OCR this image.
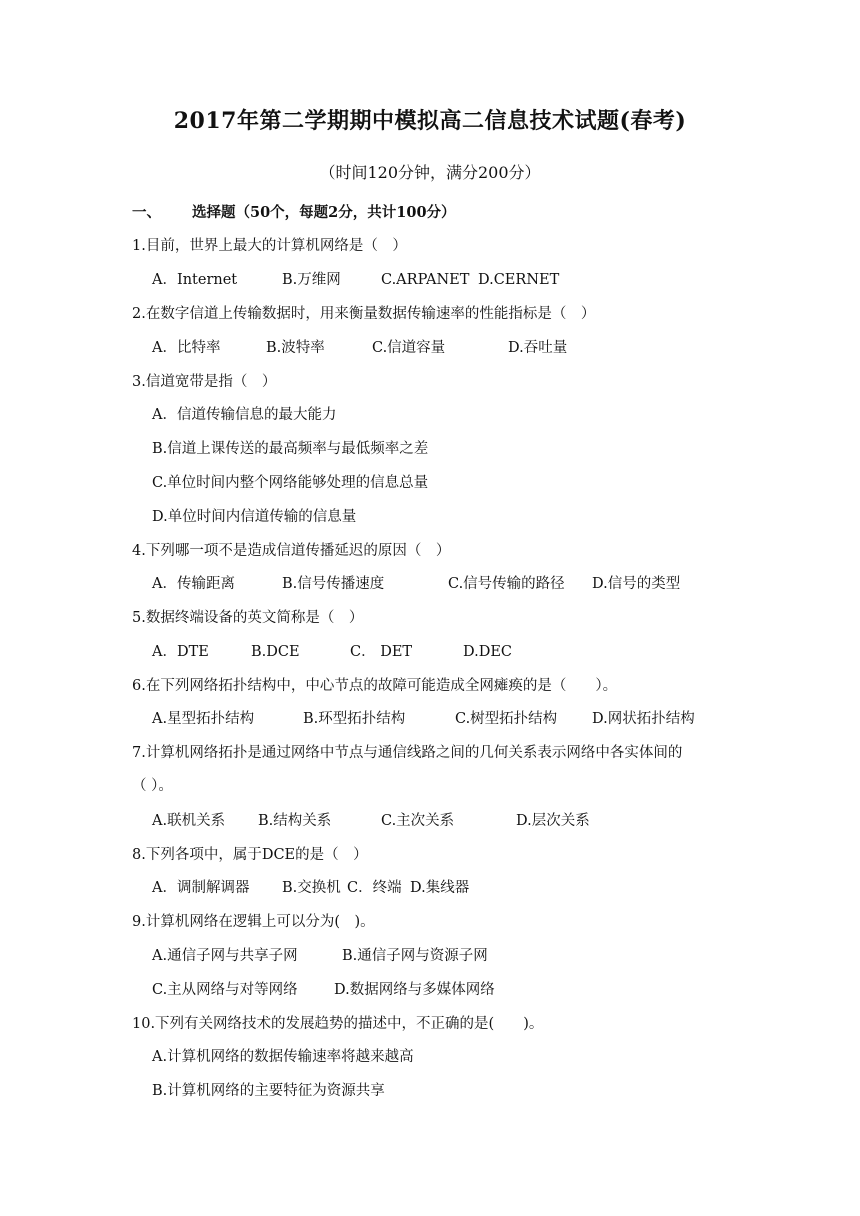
2017年第二学期期中模拟高二信息技术试题(春考)
（时间120分钟，满分200分）
一、 选择题（50个，每题2分，共计100分）
1.目前，世界上最大的计算机网络是（　）
A．Internet	B.万维网	C.ARPANET D.CERNET
2.在数字信道上传输数据时，用来衡量数据传输速率的性能指标是（　）
A．比特率	B.波特率	C.信道容量	D.吞吐量
3.信道宽带是指（　）
A．信道传输信息的最大能力
B.信道上课传送的最高频率与最低频率之差
C.单位时间内整个网络能够处理的信息总量
D.单位时间内信道传输的信息量
4.下列哪一项不是造成信道传播延迟的原因（　）
A．传输距离	B.信号传播速度	C.信号传输的路径 D.信号的类型
5.数据终端设备的英文简称是（　）
A．DTE	B.DCE	C． DET	D.DEC
6.在下列网络拓扑结构中，中心节点的故障可能造成全网瘫痪的是（　　）。
A.星型拓扑结构	B.环型拓扑结构	C.树型拓扑结构 D.网状拓扑结构
7.计算机网络拓扑是通过网络中节点与通信线路之间的几何关系表示网络中各实体间的
（ ）。
A.联机关系 B.结构关系	C.主次关系	D.层次关系
8.下列各项中，属于DCE的是（　）
A．调制解调器 B.交换机 C．终端 D.集线器
9.计算机网络在逻辑上可以分为(　)。
A.通信子网与共享子网	B.通信子网与资源子网
C.主从网络与对等网络	D.数据网络与多媒体网络
10.下列有关网络技术的发展趋势的描述中，不正确的是(　　)。
A.计算机网络的数据传输速率将越来越高
B.计算机网络的主要特征为资源共享
